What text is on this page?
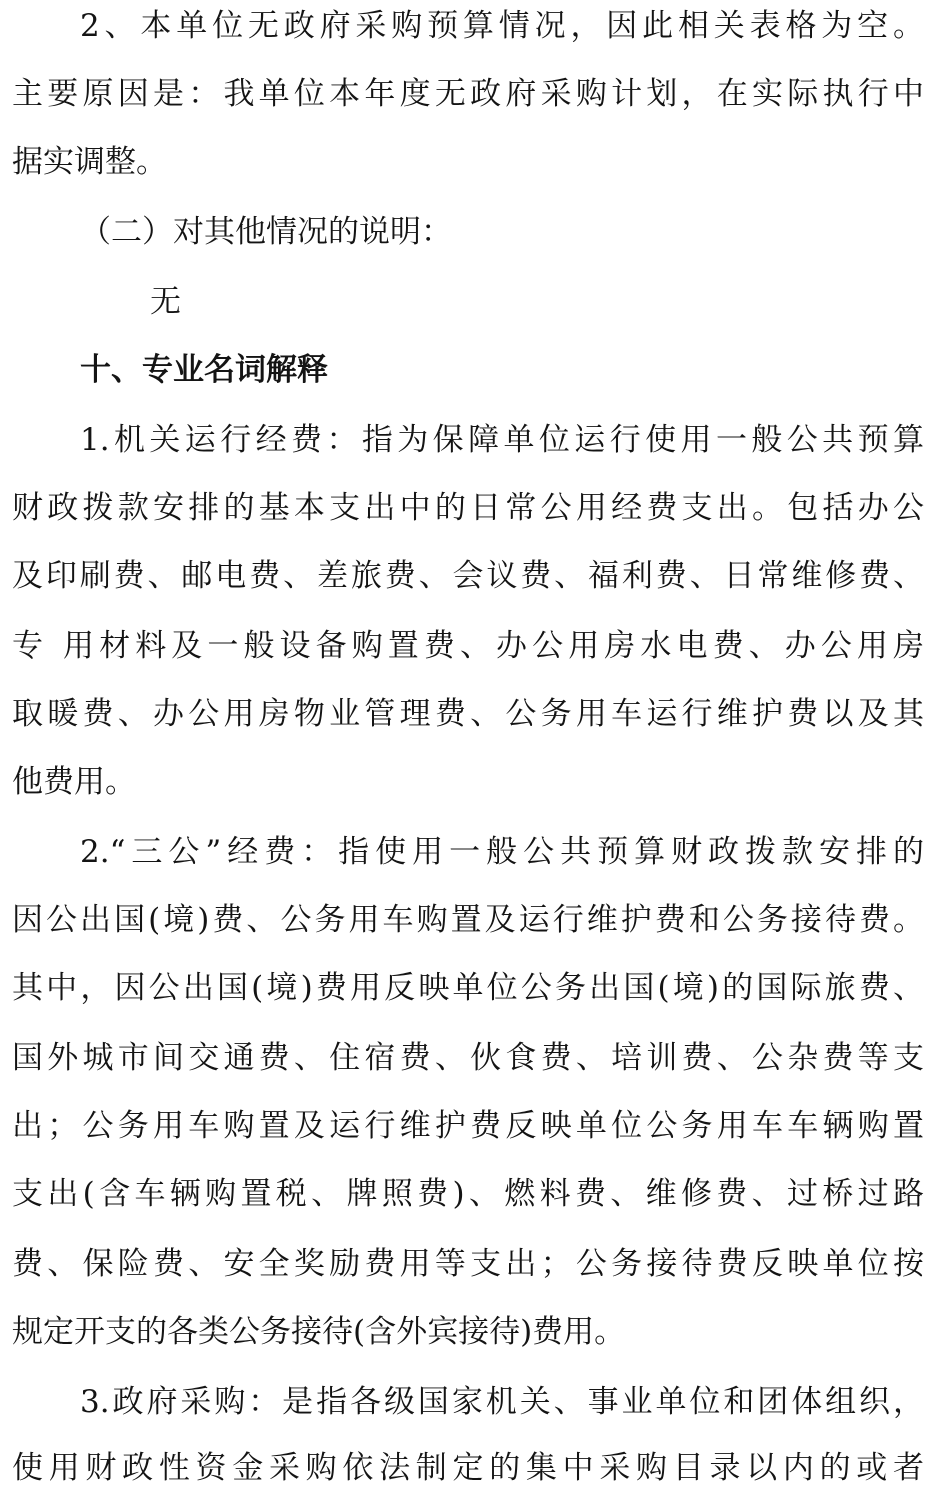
2、本单位无政府采购预算情况，因此相关表格为空。
主要原因是：我单位本年度无政府采购计划，在实际执行中
据实调整。
（二）对其他情况的说明：
无
十、专业名词解释
1.机关运行经费：指为保障单位运行使用一般公共预算
财政拨款安排的基本支出中的日常公用经费支出。包括办公
及印刷费、邮电费、差旅费、会议费、福利费、日常维修费、
专 用材料及一般设备购置费、办公用房水电费、办公用房
取暖费、办公用房物业管理费、公务用车运行维护费以及其
他费用。
2.“三公”经费：指使用一般公共预算财政拨款安排的
因公出国(境)费、公务用车购置及运行维护费和公务接待费。
其中，因公出国(境)费用反映单位公务出国(境)的国际旅费、
国外城市间交通费、住宿费、伙食费、培训费、公杂费等支
出；公务用车购置及运行维护费反映单位公务用车车辆购置
支出(含车辆购置税、牌照费)、燃料费、维修费、过桥过路
费、保险费、安全奖励费用等支出；公务接待费反映单位按
规定开支的各类公务接待(含外宾接待)费用。
3.政府采购：是指各级国家机关、事业单位和团体组织，
使用财政性资金采购依法制定的集中采购目录以内的或者
